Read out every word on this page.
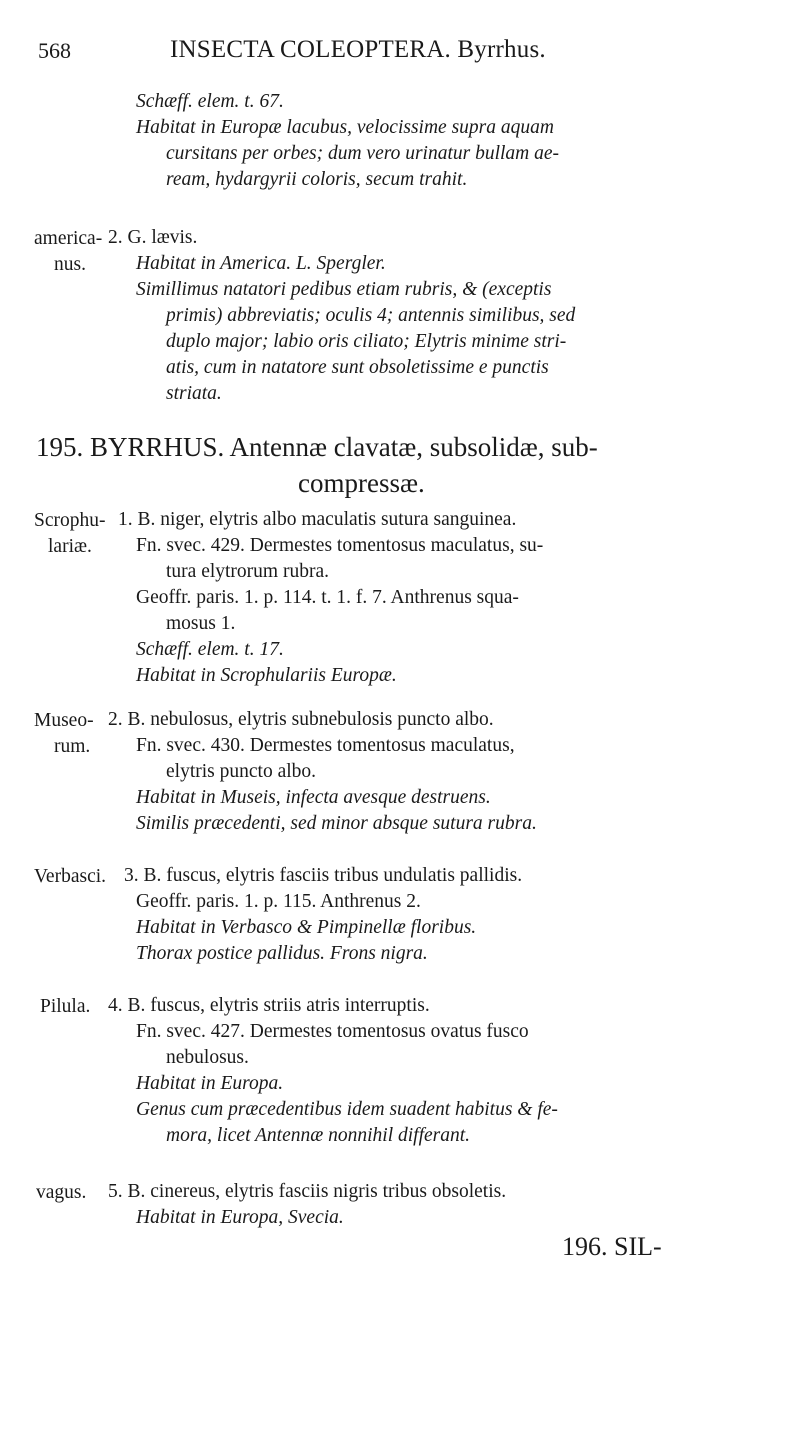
568	INSECTA COLEOPTERA. Byrrhus.
Schæff. elem. t. 67.
Habitat in Europæ lacubus, velocissime supra aquam
cursitans per orbes; dum vero urinatur bullam ae-
ream, hydargyrii coloris, secum trahit.
america-
nus.
2. G. lævis.
Habitat in America. L. Spergler.
Simillimus natatori pedibus etiam rubris, & (exceptis
primis) abbreviatis; oculis 4; antennis similibus, sed
duplo major; labio oris ciliato; Elytris minime stri-
atis, cum in natatore sunt obsoletissime e punctis
striata.
195. BYRRHUS. Antennæ clavatæ, subsolidæ, sub-
compressæ.
Scrophu-
lariæ.
1. B. niger, elytris albo maculatis sutura sanguinea.
Fn. svec. 429. Dermestes tomentosus maculatus, su-
tura elytrorum rubra.
Geoffr. paris. 1. p. 114. t. 1. f. 7. Anthrenus squa-
mosus 1.
Schæff. elem. t. 17.
Habitat in Scrophulariis Europæ.
Museo-
rum.
2. B. nebulosus, elytris subnebulosis puncto albo.
Fn. svec. 430. Dermestes tomentosus maculatus,
elytris puncto albo.
Habitat in Museis, infecta avesque destruens.
Similis præcedenti, sed minor absque sutura rubra.
Verbasci. 3. B. fuscus, elytris fasciis tribus undulatis pallidis.
Geoffr. paris. 1. p. 115. Anthrenus 2.
Habitat in Verbasco & Pimpinellæ floribus.
Thorax postice pallidus. Frons nigra.
Pilula. 4. B. fuscus, elytris striis atris interruptis.
Fn. svec. 427. Dermestes tomentosus ovatus fusco
nebulosus.
Habitat in Europa.
Genus cum præcedentibus idem suadent habitus & fe-
mora, licet Antennæ nonnihil differant.
vagus. 5. B. cinereus, elytris fasciis nigris tribus obsoletis.
Habitat in Europa, Svecia.
196. SIL-
